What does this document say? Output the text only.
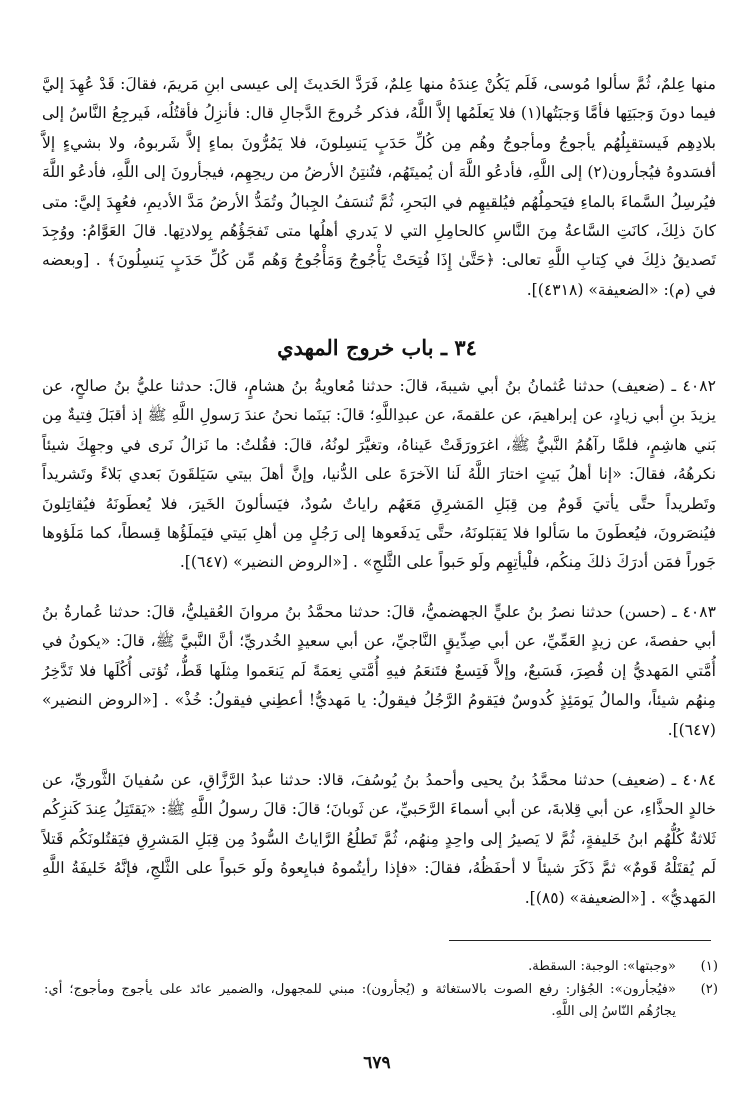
منها عِلمٌ، ثُمَّ سألوا مُوسى، فَلَم يَكُنْ عِندَهُ منها عِلمٌ، فَرَدَّ الحَديثَ إلى عيسى ابنِ مَريمَ، فقالَ: قَدْ عُهِدَ إليَّ فيما دونَ وَجبَتِها فأمَّا وَجبَتُها(١) فلا يَعلَمُها إلاَّ اللَّهُ، فذكر خُروجَ الدَّجالِ قال: فأنزِلُ فأقتُلُه، فَيرجِعُ النَّاسُ إلى بلادِهِم فَيستقبِلُهُم يأجوجُ ومأجوجُ وهُم مِن كُلِّ حَدَبٍ يَنسِلونَ، فلا يَمُرُّونَ بماءٍ إلاَّ شَربوهُ، ولا بشيءٍ إلاَّ أفسَدوهُ فيُجأرون(٢) إلى اللَّهِ، فأدعُو اللَّهَ أن يُميتَهُم، فتُنتِنُ الأرضُ من ريحِهِم، فيجأرونَ إلى اللَّهِ، فأدعُو اللَّهَ فيُرسِلُ السَّماءَ بالماءِ فيَحمِلُهُم فيُلقيهِم في البَحرِ، ثُمَّ تُنسَفُ الجِبالُ وتُمَدُّ الأرضُ مَدَّ الأديمِ، فعُهِدَ إليَّ: متى كانَ ذلِكَ، كانَتِ السَّاعةُ مِنَ النَّاسِ كالحامِلِ التي لا يَدري أهلُها متى تَفجَؤُهُم بِولادتِها. قالَ العَوَّامُ: ووُجِدَ تَصديقُ ذلِكَ في كِتابِ اللَّهِ تعالى: ﴿حَتَّىٰ إِذَا فُتِحَتْ يَأْجُوجُ وَمَأْجُوجُ وَهُم مِّن كُلِّ حَدَبٍ يَنسِلُونَ﴾ . [وبعضه في (م): «الضعيفة» (٤٣١٨)].

٣٤ ـ باب خروج المهدي

٤٠٨٢ ـ (ضعيف) حدثنا عُثمانُ بنُ أبي شيبةَ، قالَ: حدثنا مُعاويةُ بنُ هشامٍ، قالَ: حدثنا عليُّ بنُ صالحٍ، عن يزيدَ بنِ أبي زيادٍ، عن إبراهيمَ، عن علقمةَ، عن عبدِاللَّهِ؛ قالَ: بَينَما نحنُ عندَ رَسولِ اللَّهِ ﷺ إذ أقبَلَ فِتيةٌ مِن بَني هاشِمٍ، فلمَّا رآهُمُ النَّبيُّ ﷺ، اغرَورَقَتْ عَيناهُ، وتغيَّرَ لونُهُ، قالَ: فقُلتُ: ما نَزالُ نَرى في وجهِكَ شيئاً نكرهُهُ، فقالَ: «إنا أهلُ بَيتٍ اختارَ اللَّهُ لَنا الآخرَةَ على الدُّنيا، وإنَّ أهلَ بيتي سَيَلقَونَ بَعدي بَلاءً وتَشريداً وتَطريداً حتَّى يأتيَ قَومٌ مِن قِبَلِ المَشرِقِ مَعَهُم راياتٌ سُودٌ، فيَسألونَ الخَيرَ، فلا يُعطَونَهُ فيُقاتِلونَ فيُنصَرونَ، فيُعطَونَ ما سَألوا فلا يَقبَلونَهُ، حتَّى يَدفَعوها إلى رَجُلٍ مِن أهلِ بَيتي فيَملَؤُها قِسطاً، كما مَلَؤوها جَوراً فمَن أدرَكَ ذلكَ مِنكُم، فلْيأتِهِم ولَو حَبواً على الثَّلجِ» . [«الروض النضير» (٦٤٧)].

٤٠٨٣ ـ (حسن) حدثنا نصرُ بنُ عليٍّ الجهضميُّ، قالَ: حدثنا محمَّدُ بنُ مروانَ العُقيليُّ، قالَ: حدثنا عُمارةُ بنُ أبي حفصةَ، عن زيدٍ العَمِّيِّ، عن أبي صِدِّيقٍ النَّاجيِّ، عن أبي سعيدٍ الخُدريِّ؛ أنَّ النَّبيَّ ﷺ، قالَ: «يكونُ في أُمَّتي المَهديُّ إن قُصِرَ، فَسَبعٌ، وإلاَّ فَتِسعٌ فتَنعَمُ فيهِ أُمَّتي نِعمَةً لَم يَنعَموا مِثلَها قَطُّ، تُؤتى أُكُلَها فلا تَدَّخِرُ مِنهُم شيئاً، والمالُ يَومَئِذٍ كُدوسٌ فيَقومُ الرَّجُلُ فيقولُ: يا مَهديُّ! أعطِني فيقولُ: خُذْ» . [«الروض النضير» (٦٤٧)].

٤٠٨٤ ـ (ضعيف) حدثنا محمَّدُ بنُ يحيى وأحمدُ بنُ يُوسُفَ، قالا: حدثنا عبدُ الرَّزَّاقِ، عن سُفيانَ الثَّوريِّ، عن خالدٍ الحذَّاءِ، عن أبي قِلابةَ، عن أبي أسماءَ الرَّحَبيِّ، عن ثَوبانَ؛ قالَ: قالَ رسولُ اللَّهِ ﷺ: «يَقتَتِلُ عِندَ كَنزِكُم ثَلاثةٌ كُلُّهُم ابنُ خَليفةٍ، ثُمَّ لا يَصيرُ إلى واحِدٍ مِنهُم، ثُمَّ تَطلُعُ الرَّاياتُ السُّودُ مِن قِبَلِ المَشرِقِ فيَقتُلونَكُم قَتلاً لَم يُقتَلْهُ قَومٌ» ثمَّ ذَكَرَ شيئاً لا أحفَظُهُ، فقالَ: «فإذا رأيتُموهُ فبايِعوهُ ولَو حَبواً على الثَّلجِ، فإنَّهُ خَليفَةُ اللَّهِ المَهديُّ» . [«الضعيفة» (٨٥)].

(١)
«وجبتها»: الوجبة: السقطة.
(٢)
«فيُجأرون»: الجُؤار: رفع الصوت بالاستغاثة و (يُجأرون): مبني للمجهول، والضمير عائد على يأجوج ومأجوج؛ أي: يجارُهُم النّاسُ إلى اللَّهِ.
٦٧٩
